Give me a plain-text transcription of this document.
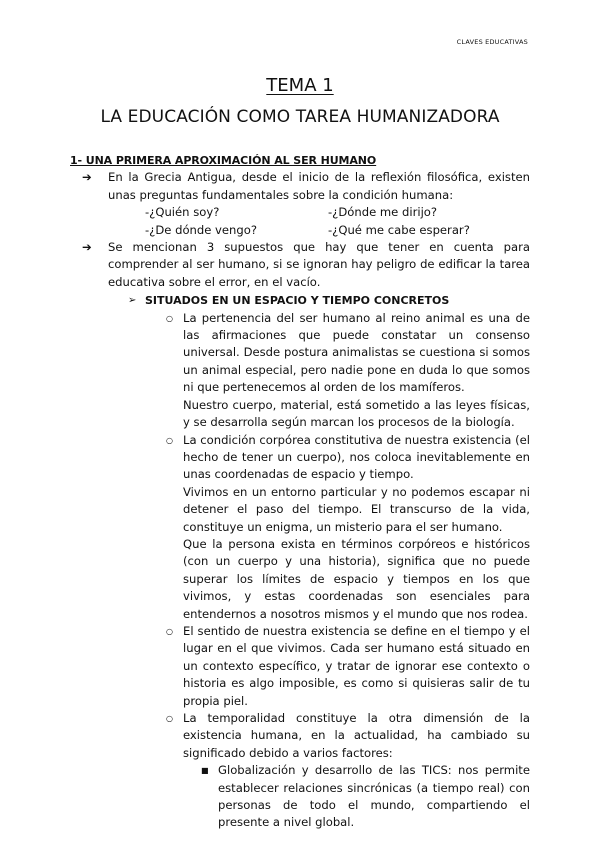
CLAVES EDUCATIVAS
TEMA 1
LA EDUCACIÓN COMO TAREA HUMANIZADORA
1- UNA PRIMERA APROXIMACIÓN AL SER HUMANO
➔ En la Grecia Antigua, desde el inicio de la reflexión filosófica, existen unas preguntas fundamentales sobre la condición humana:
-¿Quién soy?	-¿Dónde me dirijo?
-¿De dónde vengo?	-¿Qué me cabe esperar?
➔ Se mencionan 3 supuestos que hay que tener en cuenta para comprender al ser humano, si se ignoran hay peligro de edificar la tarea educativa sobre el error, en el vacío.
➢ SITUADOS EN UN ESPACIO Y TIEMPO CONCRETOS
○ La pertenencia del ser humano al reino animal es una de las afirmaciones que puede constatar un consenso universal. Desde postura animalistas se cuestiona si somos un animal especial, pero nadie pone en duda lo que somos ni que pertenecemos al orden de los mamíferos.

Nuestro cuerpo, material, está sometido a las leyes físicas, y se desarrolla según marcan los procesos de la biología.

○ La condición corpórea constitutiva de nuestra existencia (el hecho de tener un cuerpo), nos coloca inevitablemente en unas coordenadas de espacio y tiempo.

Vivimos en un entorno particular y no podemos escapar ni detener el paso del tiempo. El transcurso de la vida, constituye un enigma, un misterio para el ser humano.

Que la persona exista en términos corpóreos e históricos (con un cuerpo y una historia), significa que no puede superar los límites de espacio y tiempos en los que vivimos, y estas coordenadas son esenciales para entendernos a nosotros mismos y el mundo que nos rodea.

○ El sentido de nuestra existencia se define en el tiempo y el lugar en el que vivimos. Cada ser humano está situado en un contexto específico, y tratar de ignorar ese contexto o historia es algo imposible, es como si quisieras salir de tu propia piel.

○ La temporalidad constituye la otra dimensión de la existencia humana, en la actualidad, ha cambiado su significado debido a varios factores:

■ Globalización y desarrollo de las TICS: nos permite establecer relaciones sincrónicas (a tiempo real) con personas de todo el mundo, compartiendo el presente a nivel global.
